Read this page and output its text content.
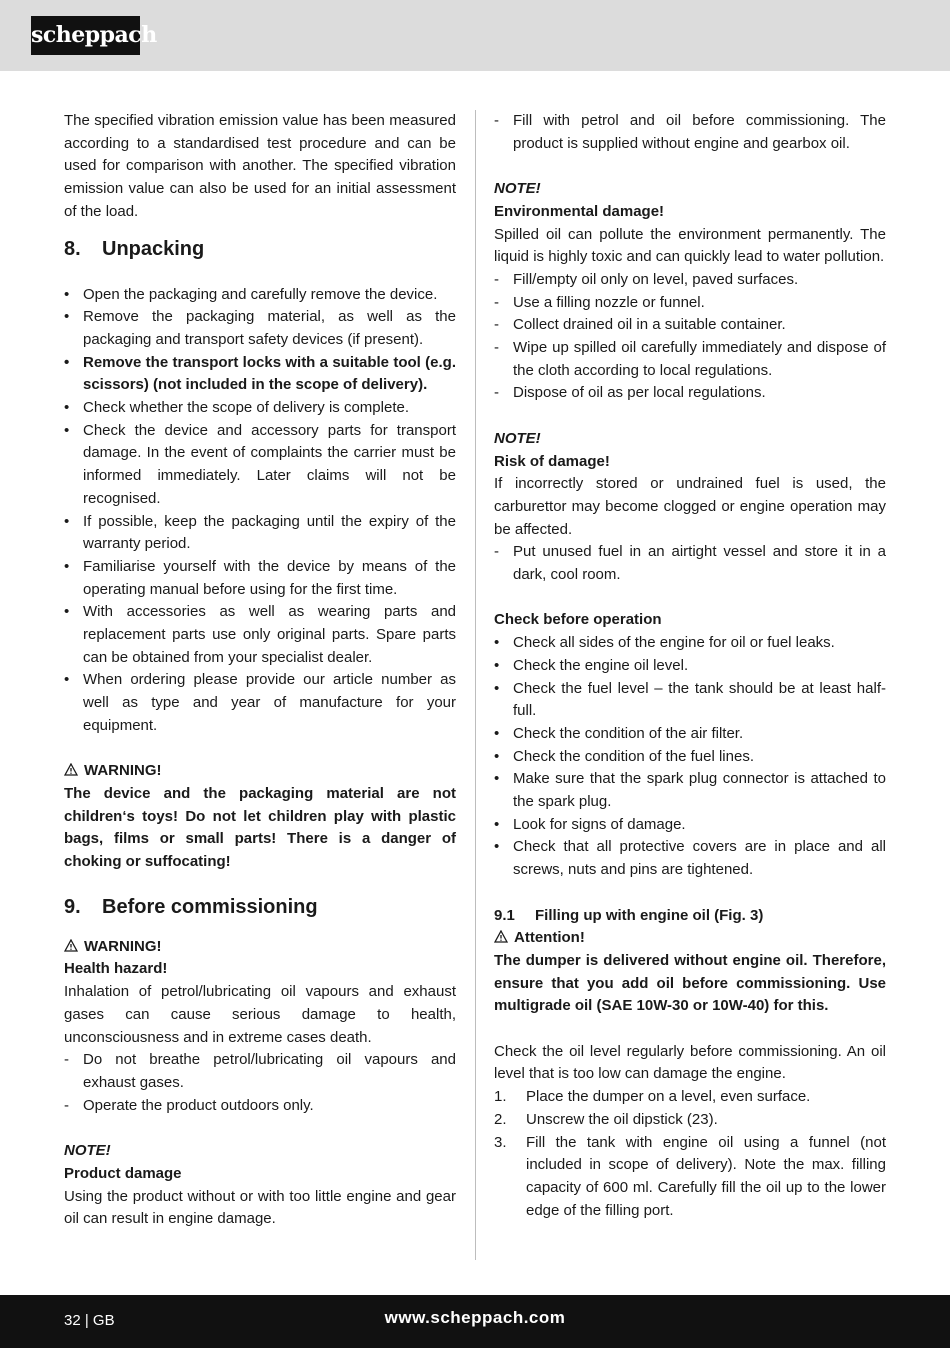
scheppach

The specified vibration emission value has been measured according to a standardised test procedure and can be used for comparison with another. The specified vibration emission value can also be used for an initial assessment of the load.

8. Unpacking
• Open the packaging and carefully remove the device.
• Remove the packaging material, as well as the packaging and transport safety devices (if present).
• Remove the transport locks with a suitable tool (e.g. scissors) (not included in the scope of delivery).
• Check whether the scope of delivery is complete.
• Check the device and accessory parts for transport damage. In the event of complaints the carrier must be informed immediately. Later claims will not be recognised.
• If possible, keep the packaging until the expiry of the warranty period.
• Familiarise yourself with the device by means of the operating manual before using for the first time.
• With accessories as well as wearing parts and replacement parts use only original parts. Spare parts can be obtained from your specialist dealer.
• When ordering please provide our article number as well as type and year of manufacture for your equipment.
WARNING!

The device and the packaging material are not children‘s toys! Do not let children play with plastic bags, films or small parts! There is a danger of choking or suffocating!

9. Before commissioning
WARNING!
Health hazard!

Inhalation of petrol/lubricating oil vapours and exhaust gases can cause serious damage to health, unconsciousness and in extreme cases death.

- Do not breathe petrol/lubricating oil vapours and exhaust gases.
- Operate the product outdoors only.
NOTE!
Product damage

Using the product without or with too little engine and gear oil can result in engine damage.

- Fill with petrol and oil before commissioning. The product is supplied without engine and gearbox oil.
NOTE!
Environmental damage!

Spilled oil can pollute the environment permanently. The liquid is highly toxic and can quickly lead to water pollution.

- Fill/empty oil only on level, paved surfaces.
- Use a filling nozzle or funnel.
- Collect drained oil in a suitable container.
- Wipe up spilled oil carefully immediately and dispose of the cloth according to local regulations.
- Dispose of oil as per local regulations.
NOTE!
Risk of damage!

If incorrectly stored or undrained fuel is used, the carburettor may become clogged or engine operation may be affected.

- Put unused fuel in an airtight vessel and store it in a dark, cool room.
Check before operation
• Check all sides of the engine for oil or fuel leaks.
• Check the engine oil level.
• Check the fuel level – the tank should be at least half-full.
• Check the condition of the air filter.
• Check the condition of the fuel lines.
• Make sure that the spark plug connector is attached to the spark plug.
• Look for signs of damage.
• Check that all protective covers are in place and all screws, nuts and pins are tightened.
9.1 Filling up with engine oil (Fig. 3)
Attention!

The dumper is delivered without engine oil. Therefore, ensure that you add oil before commissioning. Use multigrade oil (SAE 10W-30 or 10W-40) for this.

Check the oil level regularly before commissioning. An oil level that is too low can damage the engine.

1. Place the dumper on a level, even surface.
2. Unscrew the oil dipstick (23).
3. Fill the tank with engine oil using a funnel (not included in scope of delivery). Note the max. filling capacity of 600 ml. Carefully fill the oil up to the lower edge of the filling port.
32 | GB	www.scheppach.com
